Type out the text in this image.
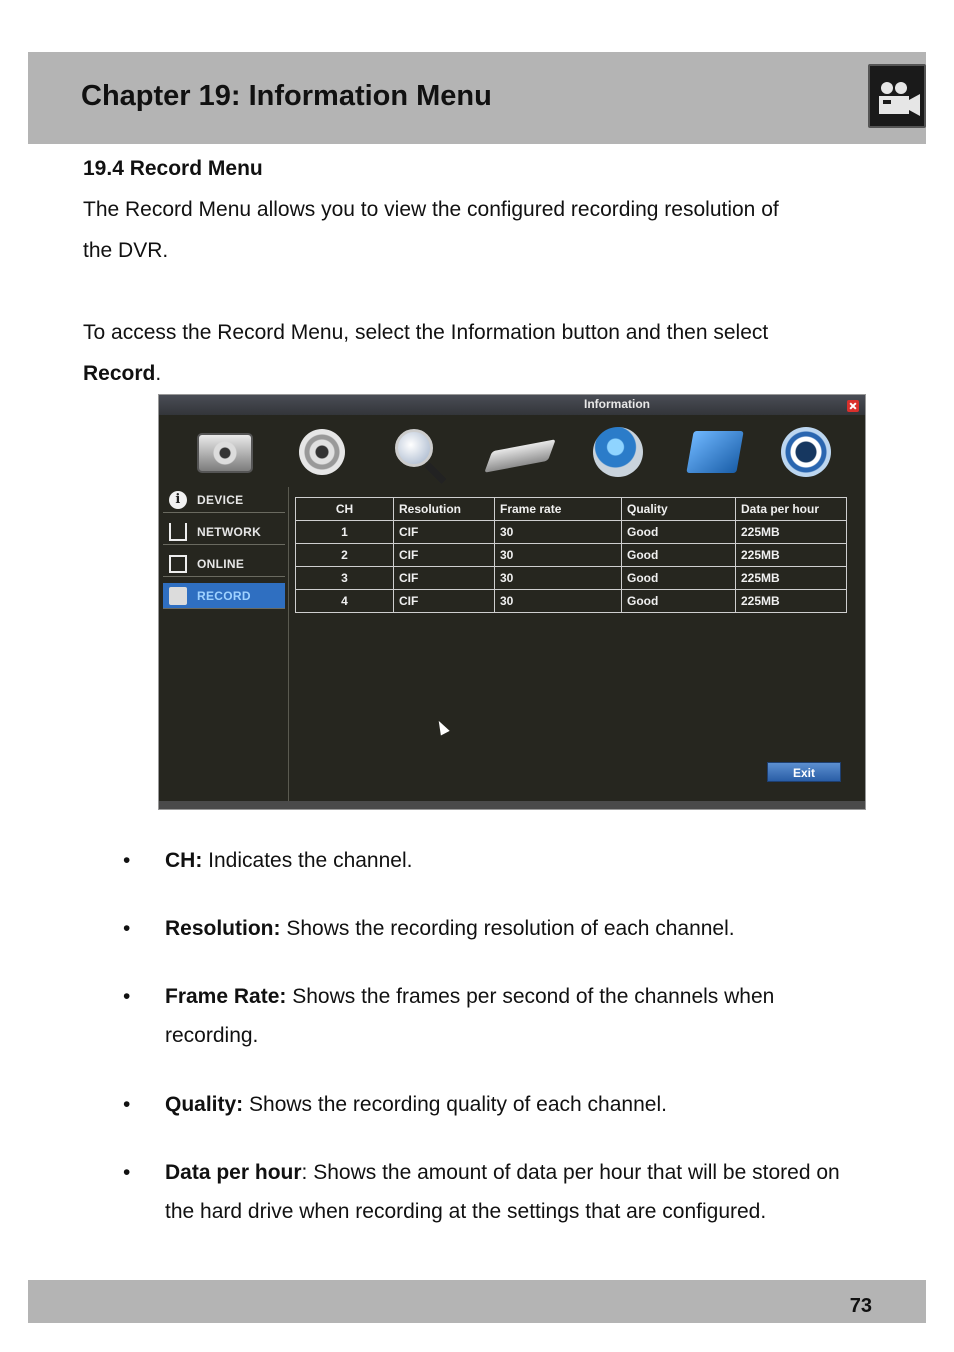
Chapter 19: Information Menu
19.4 Record Menu
The Record Menu allows you to view the configured recording resolution of
the DVR.
To access the Record Menu, select the Information button and then select
Record.
Information
i	DEVICE
NETWORK
ONLINE
RECORD
CH	Resolution	Frame rate	Quality	Data per hour
1	CIF	30	Good	225MB
2	CIF	30	Good	225MB
3	CIF	30	Good	225MB
4	CIF	30	Good	225MB
Exit
• CH: Indicates the channel.
• Resolution: Shows the recording resolution of each channel.
• Frame Rate: Shows the frames per second of the channels when recording.
• Quality: Shows the recording quality of each channel.
• Data per hour: Shows the amount of data per hour that will be stored on the hard drive when recording at the settings that are configured.
73
